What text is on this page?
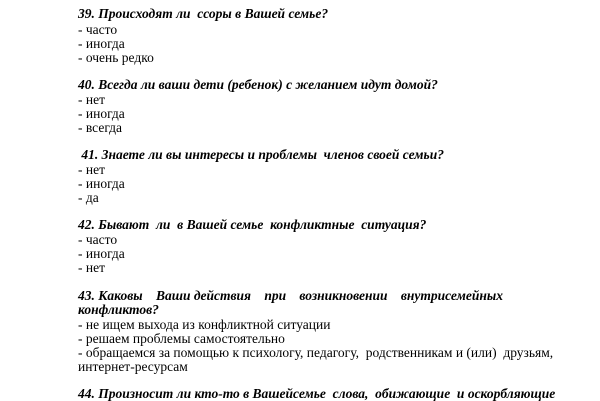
39. Происходят ли  ссоры в Вашей семье?
- часто
- иногда
- очень редко
40. Всегда ли ваши дети (ребенок) с желанием идут домой?
- нет
- иногда
- всегда
41. Знаете ли вы интересы и проблемы  членов своей семьи?
- нет
- иногда
- да
42. Бывают  ли  в Вашей семье  конфликтные  ситуация?
- часто
- иногда
- нет
43. Каковы Ваши действия при возникновении внутрисемейных
конфликтов?
- не ищем выхода из конфликтной ситуации
- решаем проблемы самостоятельно
- обращаемся за помощью к психологу, педагогу,  родственникам и (или)  друзьям,
интернет-ресурсам
44. Произносит ли кто-то в Вашей семье  слова,  обижающие  и оскорбляющие
